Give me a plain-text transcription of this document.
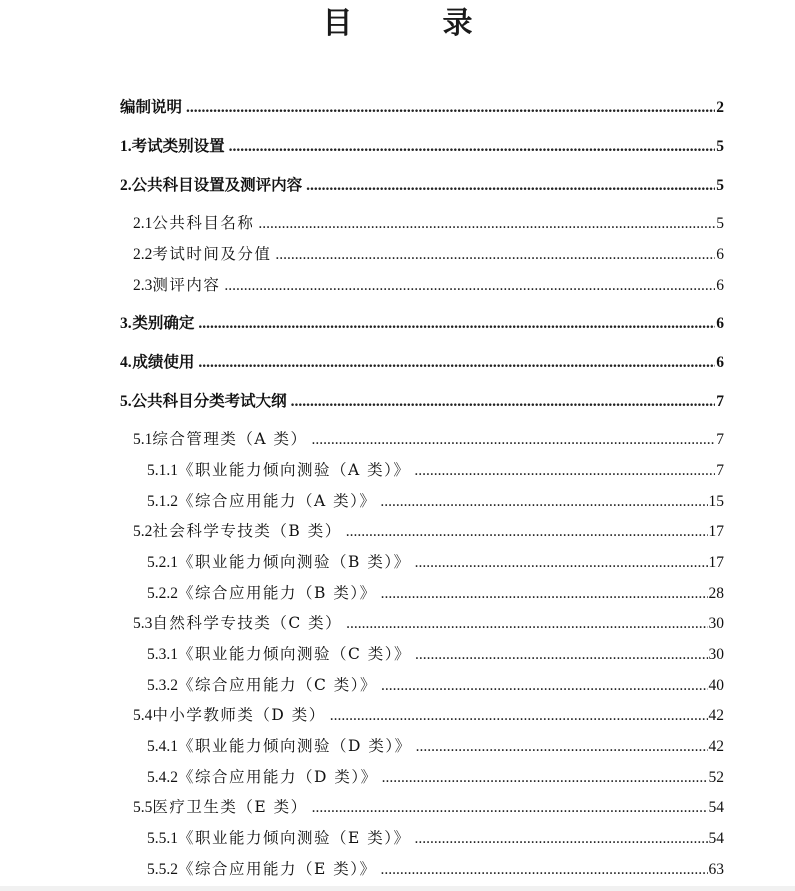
目	录
编制说明 .....	2
1. 考试类别设置 .....	5
2. 公共科目设置及测评内容 .....	5
2.1 公共科目名称 .....	5
2.2 考试时间及分值 .....	6
2.3 测评内容 .....	6
3. 类别确定 .....	6
4. 成绩使用 .....	6
5. 公共科目分类考试大纲 .....	7
5.1 综合管理类（A 类） .....	7
5.1.1 《职业能力倾向测验（A 类）》 .....	7
5.1.2 《综合应用能力（A 类）》 .....	15
5.2 社会科学专技类（B 类） .....	17
5.2.1 《职业能力倾向测验（B 类）》 .....	17
5.2.2 《综合应用能力（B 类）》 .....	28
5.3 自然科学专技类（C 类） .....	30
5.3.1 《职业能力倾向测验（C 类）》 .....	30
5.3.2 《综合应用能力（C 类）》 .....	40
5.4 中小学教师类（D 类） .....	42
5.4.1 《职业能力倾向测验（D 类）》 .....	42
5.4.2 《综合应用能力（D 类）》 .....	52
5.5 医疗卫生类（E 类） .....	54
5.5.1 《职业能力倾向测验（E 类）》 .....	54
5.5.2 《综合应用能力（E 类）》 .....	63
